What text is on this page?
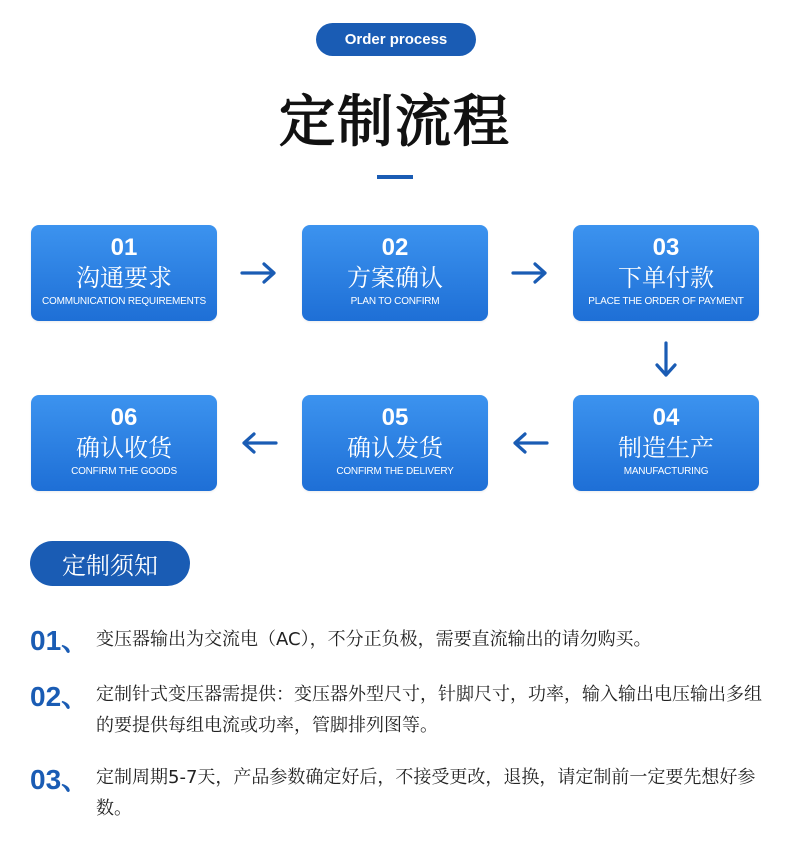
Order process
定制流程
01
沟通要求
COMMUNICATION REQUIREMENTS
02
方案确认
PLAN TO CONFIRM
03
下单付款
PLACE THE ORDER OF PAYMENT
04
制造生产
MANUFACTURING
05
确认发货
CONFIRM THE DELIVERY
06
确认收货
CONFIRM THE GOODS
定制须知
01、 变压器输出为交流电（AC），不分正负极，需要直流输出的请勿购买。
02、 定制针式变压器需提供：变压器外型尺寸，针脚尺寸，功率，输入输出电压输出多组的要提供每组电流或功率，管脚排列图等。
03、 定制周期5-7天，产品参数确定好后，不接受更改，退换，请定制前一定要先想好参数。
